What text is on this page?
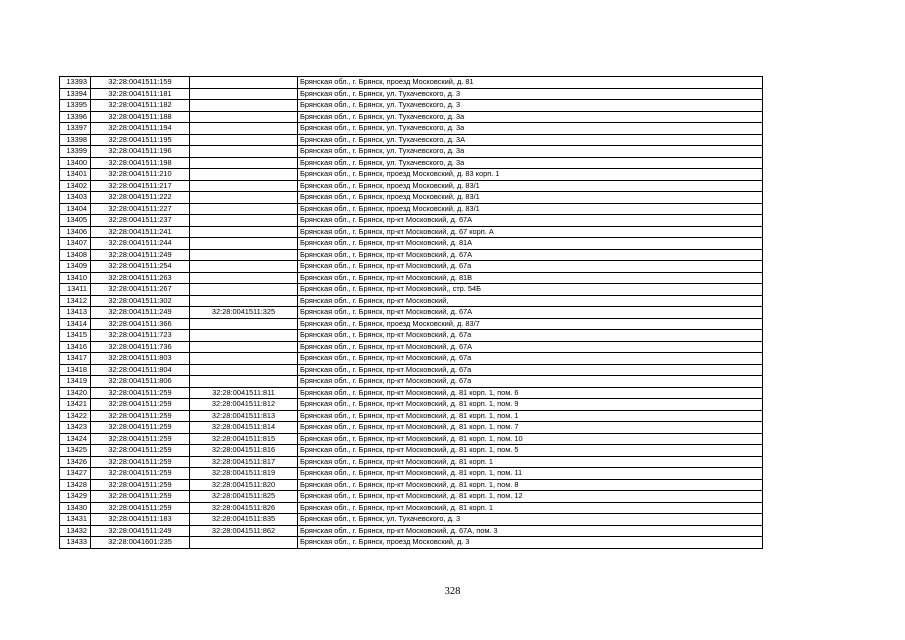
13393	32:28:0041511:159		Брянская обл., г. Брянск, проезд Московский, д. 81
13394	32:28:0041511:181		Брянская обл., г. Брянск, ул. Тухачевского, д. 3
13395	32:28:0041511:182		Брянская обл., г. Брянск, ул. Тухачевского, д. 3
13396	32:28:0041511:188		Брянская обл., г. Брянск, ул. Тухачевского, д. 3а
13397	32:28:0041511:194		Брянская обл., г. Брянск, ул. Тухачевского, д. 3а
13398	32:28:0041511:195		Брянская обл., г. Брянск, ул. Тухачевского, д. 3А
13399	32:28:0041511:196		Брянская обл., г. Брянск, ул. Тухачевского, д. 3а
13400	32:28:0041511:198		Брянская обл., г. Брянск, ул. Тухачевского, д. 3а
13401	32:28:0041511:210		Брянская обл., г. Брянск, проезд Московский, д. 83 корп. 1
13402	32:28:0041511:217		Брянская обл., г. Брянск, проезд Московский, д. 83/1
13403	32:28:0041511:222		Брянская обл., г. Брянск, проезд Московский, д. 83/1
13404	32:28:0041511:227		Брянская обл., г. Брянск, проезд Московский, д. 83/1
13405	32:28:0041511:237		Брянская обл., г. Брянск, пр-кт Московский, д. 67А
13406	32:28:0041511:241		Брянская обл., г. Брянск, пр-кт Московский, д. 67 корп. А
13407	32:28:0041511:244		Брянская обл., г. Брянск, пр-кт Московский, д. 81А
13408	32:28:0041511:249		Брянская обл., г. Брянск, пр-кт Московский, д. 67А
13409	32:28:0041511:254		Брянская обл., г. Брянск, пр-кт Московский, д. 67а
13410	32:28:0041511:263		Брянская обл., г. Брянск, пр-кт Московский, д. 81В
13411	32:28:0041511:267		Брянская обл., г. Брянск, пр-кт Московский,, стр. 54Б
13412	32:28:0041511:302		Брянская обл., г. Брянск, пр-кт Московский,
13413	32:28:0041511:249	32:28:0041511:325	Брянская обл., г. Брянск, пр-кт Московский, д. 67А
13414	32:28:0041511:366		Брянская обл., г. Брянск, проезд Московский, д. 83/7
13415	32:28:0041511:723		Брянская обл., г. Брянск, пр-кт Московский, д. 67а
13416	32:28:0041511:736		Брянская обл., г. Брянск, пр-кт Московский, д. 67А
13417	32:28:0041511:803		Брянская обл., г. Брянск, пр-кт Московский, д. 67а
13418	32:28:0041511:804		Брянская обл., г. Брянск, пр-кт Московский, д. 67а
13419	32:28:0041511:806		Брянская обл., г. Брянск, пр-кт Московский, д. 67а
13420	32:28:0041511:259	32:28:0041511:811	Брянская обл., г. Брянск, пр-кт Московский, д. 81 корп. 1, пом. 6
13421	32:28:0041511:259	32:28:0041511:812	Брянская обл., г. Брянск, пр-кт Московский, д. 81 корп. 1, пом. 9
13422	32:28:0041511:259	32:28:0041511:813	Брянская обл., г. Брянск, пр-кт Московский, д. 81 корп. 1, пом. 1
13423	32:28:0041511:259	32:28:0041511:814	Брянская обл., г. Брянск, пр-кт Московский, д. 81 корп. 1, пом. 7
13424	32:28:0041511:259	32:28:0041511:815	Брянская обл., г. Брянск, пр-кт Московский, д. 81 корп. 1, пом. 10
13425	32:28:0041511:259	32:28:0041511:816	Брянская обл., г. Брянск, пр-кт Московский, д. 81 корп. 1, пом. 5
13426	32:28:0041511:259	32:28:0041511:817	Брянская обл., г. Брянск, пр-кт Московский, д. 81 корп. 1
13427	32:28:0041511:259	32:28:0041511:819	Брянская обл., г. Брянск, пр-кт Московский, д. 81 корп. 1, пом. 11
13428	32:28:0041511:259	32:28:0041511:820	Брянская обл., г. Брянск, пр-кт Московский, д. 81 корп. 1, пом. 8
13429	32:28:0041511:259	32:28:0041511:825	Брянская обл., г. Брянск, пр-кт Московский, д. 81 корп. 1, пом. 12
13430	32:28:0041511:259	32:28:0041511:826	Брянская обл., г. Брянск, пр-кт Московский, д. 81 корп. 1
13431	32:28:0041511:183	32:28:0041511:835	Брянская обл., г. Брянск, ул. Тухачевского, д. 3
13432	32:28:0041511:249	32:28:0041511:862	Брянская обл., г. Брянск, пр-кт Московский, д. 67А, пом. 3
13433	32:28:0041601:235		Брянская обл., г. Брянск, проезд Московский, д. 3
328
